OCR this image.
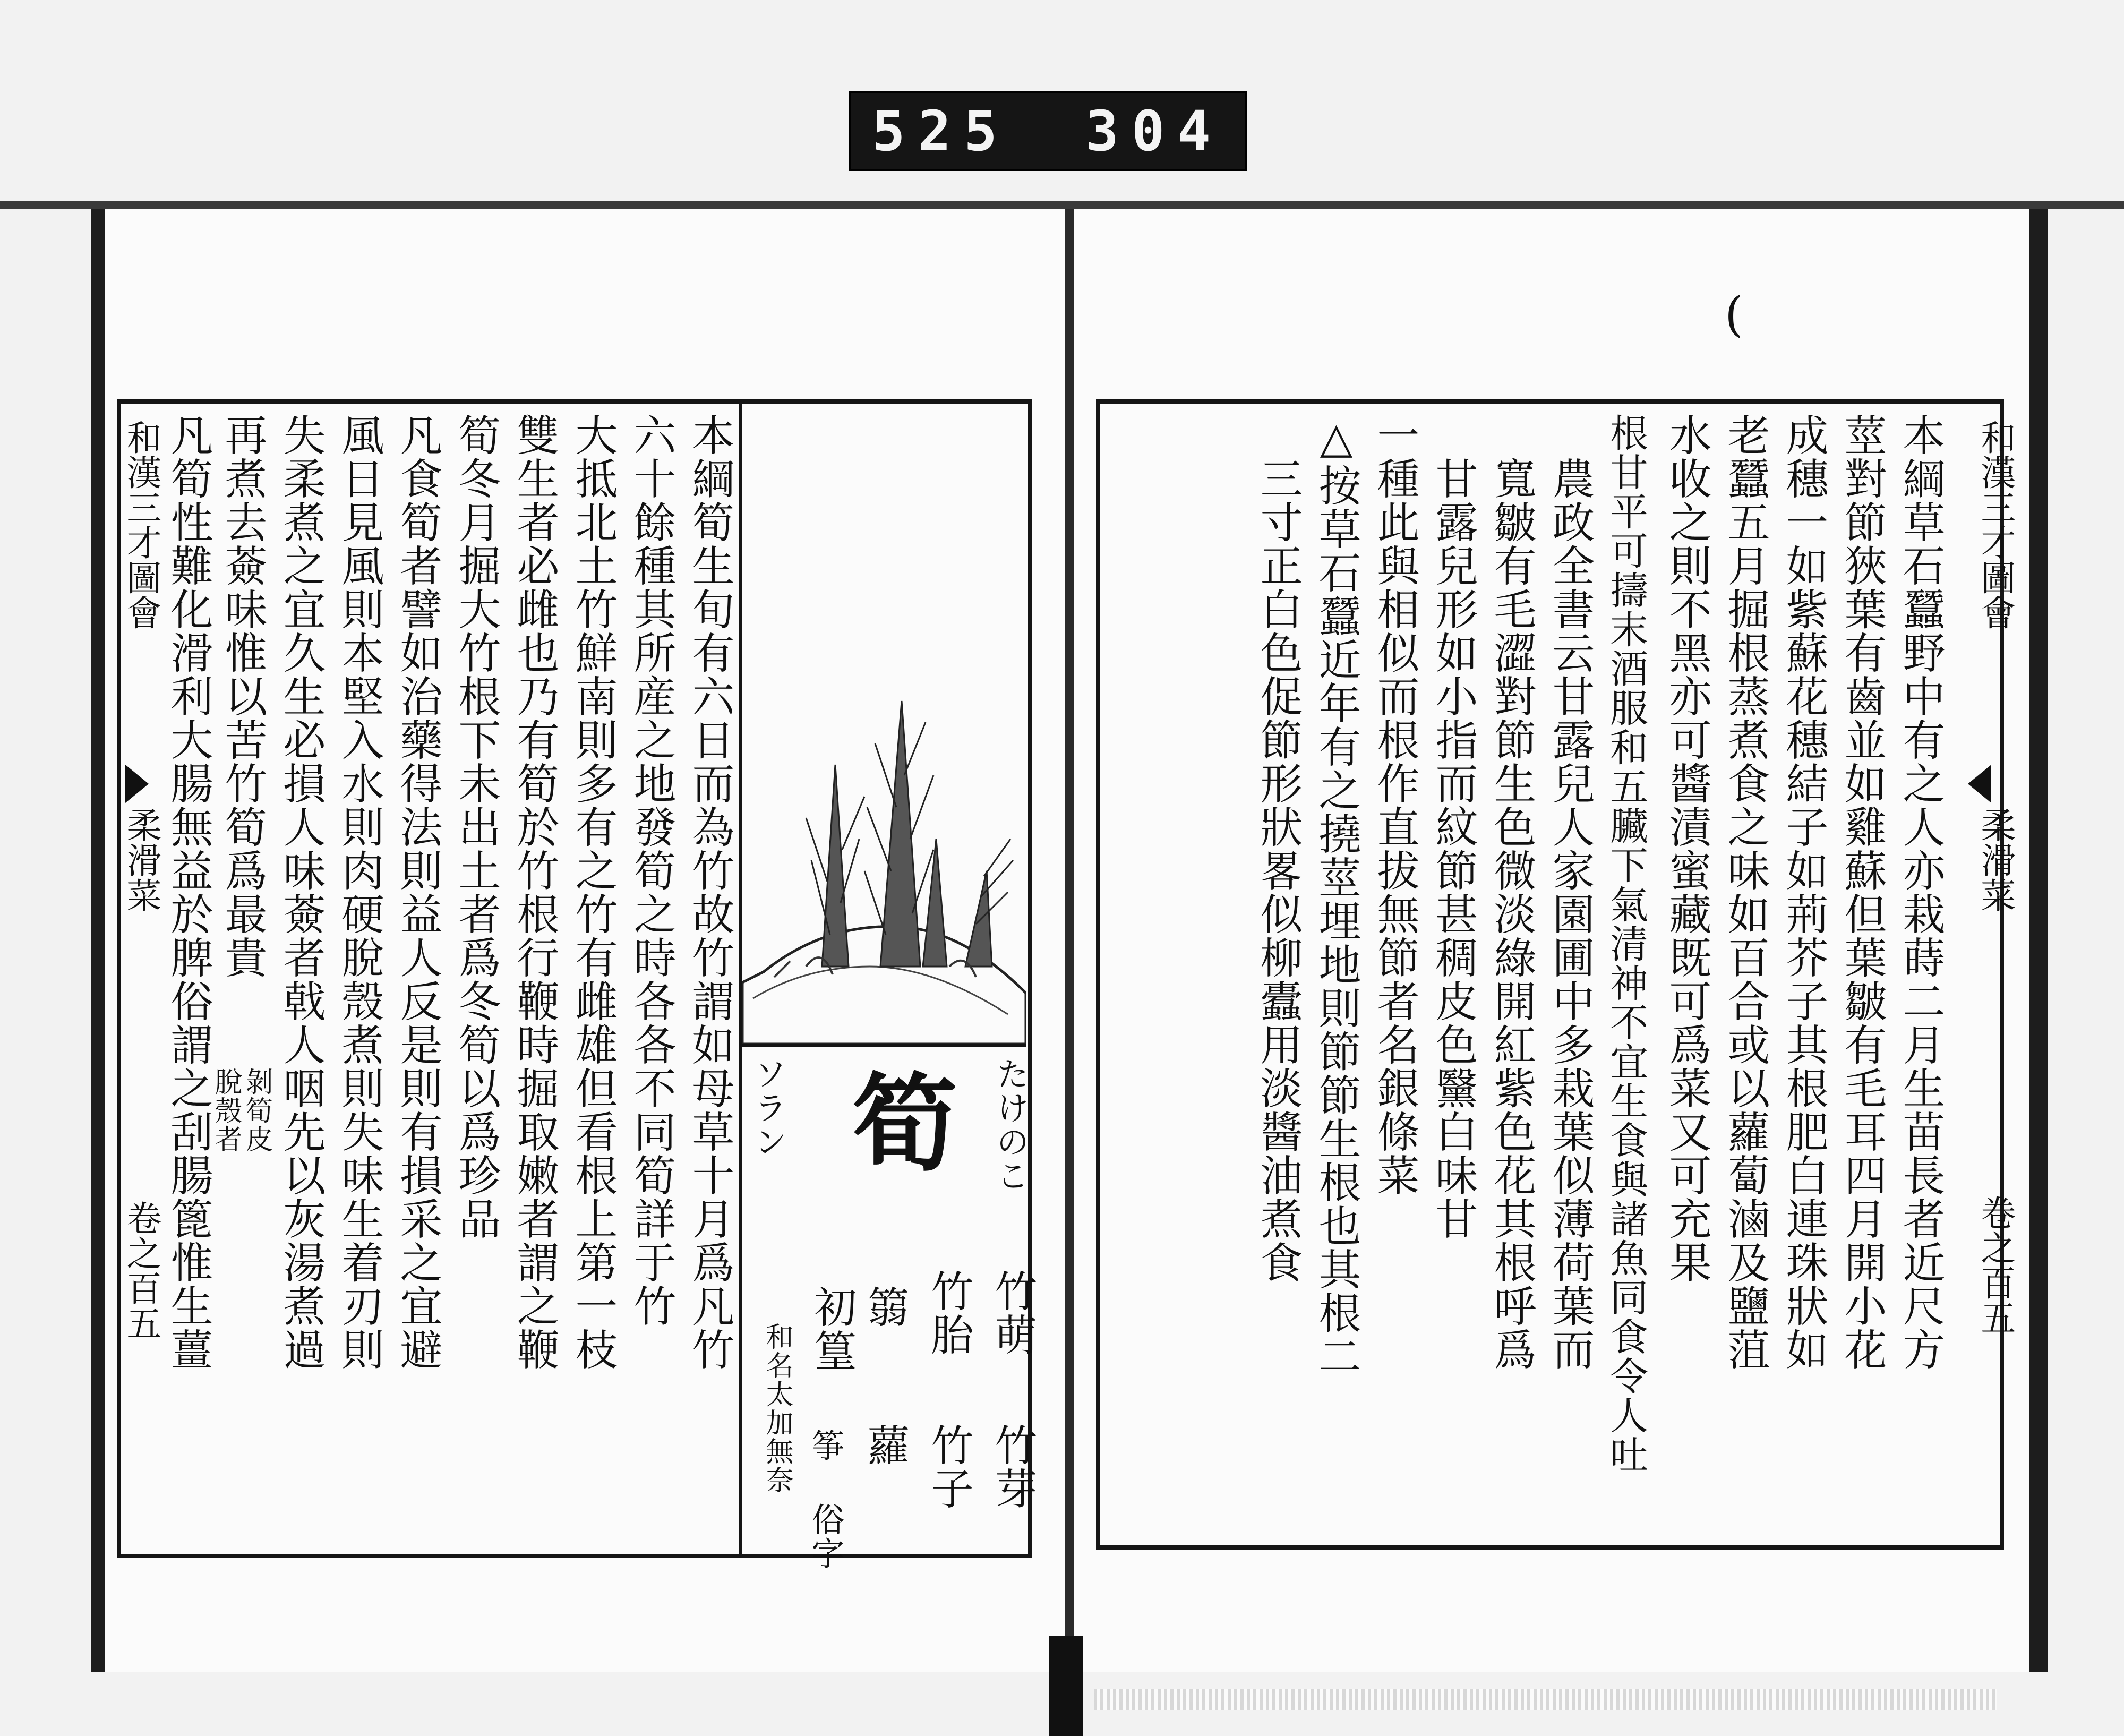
525 304
和漢三才圖會
柔滑菜
卷之百五
和漢三才圖會
柔滑菜
卷之百五
(
たけのこ
筍
ソラン
竹萌
竹芽
竹胎
竹子
篛
蘿
初篁
筝 俗字
和名太加無奈
本綱筍生旬有六日而為竹故竹謂如母草十月爲凡竹
六十餘種其所産之地發筍之時各各不同筍詳于竹
大抵北土竹鮮南則多有之竹有雌雄但看根上第一枝
雙生者必雌也乃有筍於竹根行鞭時掘取嫩者謂之鞭
筍冬月掘大竹根下未出土者爲冬筍以爲珍品
凡食筍者譬如治藥得法則益人反是則有損采之宜避
風日見風則本堅入水則肉硬脫殼煮則失味生着刃則
失柔煮之宜久生必損人味薟者戟人咽先以灰湯煮過
再煮去薟味惟以苦竹筍爲最貴
剝筍皮
脫殼者
凡筍性難化滑利大腸無益於脾俗謂之刮腸篦惟生薑	本綱草石蠶野中有之人亦栽蒔二月生苗長者近尺方
莖對節狹葉有齒並如雞蘇但葉皺有毛耳四月開小花
成穗一如紫蘇花穗結子如荊芥子其根肥白連珠狀如
老蠶五月掘根蒸煮食之味如百合或以蘿蔔滷及鹽菹
水收之則不黑亦可醬漬蜜藏既可爲菜又可充果
根甘平可擣末酒服和五臟下氣清神不宜生食與諸魚同食令人吐
農政全書云甘露兒人家園圃中多栽葉似薄荷葉而
寬皺有毛澀對節生色微淡綠開紅紫色花其根呼爲
甘露兒形如小指而紋節甚稠皮色黳白味甘
一種此與相似而根作直拔無節者名銀條菜
△按草石蠶近年有之撓莖埋地則節節生根也其根二
三寸正白色促節形狀畧似柳蠹用淡醬油煮食
